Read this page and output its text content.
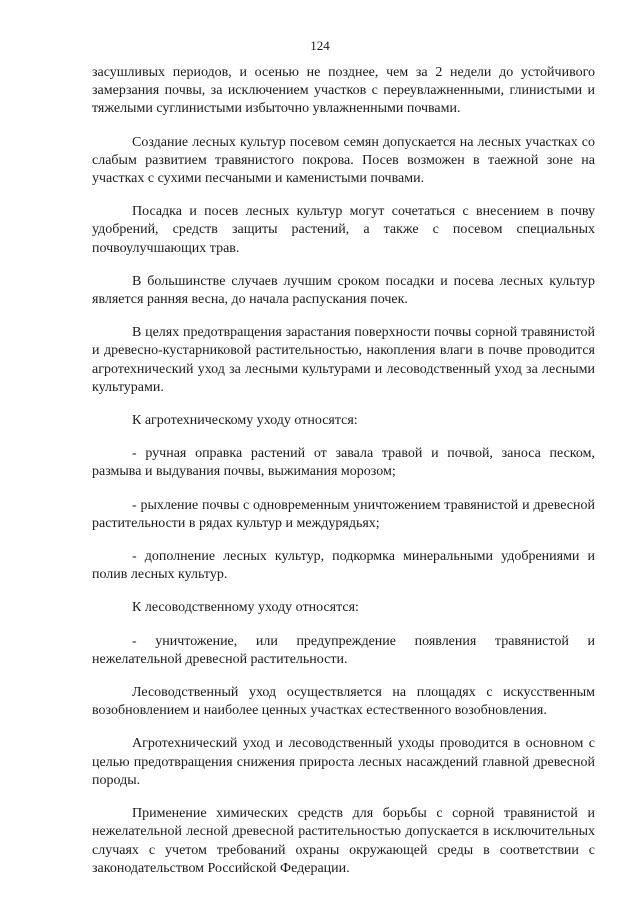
124

засушливых периодов, и осенью не позднее, чем за 2 недели до устойчивого замерзания почвы, за исключением участков с переувлажненными, глинистыми и тяжелыми суглинистыми избыточно увлажненными почвами.

Создание лесных культур посевом семян допускается на лесных участках со слабым развитием травянистого покрова. Посев возможен в таежной зоне на участках с сухими песчаными и каменистыми почвами.

Посадка и посев лесных культур могут сочетаться с внесением в почву удобрений, средств защиты растений, а также с посевом специальных почвоулучшающих трав.

В большинстве случаев лучшим сроком посадки и посева лесных культур является ранняя весна, до начала распускания почек.

В целях предотвращения зарастания поверхности почвы сорной травянистой и древесно-кустарниковой растительностью, накопления влаги в почве проводится агротехнический уход за лесными культурами и лесоводственный уход за лесными культурами.

К агротехническому уходу относятся:

- ручная оправка растений от завала травой и почвой, заноса песком, размыва и выдувания почвы, выжимания морозом;

- рыхление почвы с одновременным уничтожением травянистой и древесной растительности в рядах культур и междурядьях;

- дополнение лесных культур, подкормка минеральными удобрениями и полив лесных культур.

К лесоводственному уходу относятся:

- уничтожение, или предупреждение появления травянистой и нежелательной древесной растительности.

Лесоводственный уход осуществляется на площадях с искусственным возобновлением и наиболее ценных участках естественного возобновления.

Агротехнический уход и лесоводственный уходы проводится в основном с целью предотвращения снижения прироста лесных насаждений главной древесной породы.

Применение химических средств для борьбы с сорной травянистой и нежелательной лесной древесной растительностью допускается в исключительных случаях с учетом требований охраны окружающей среды в соответствии с законодательством Российской Федерации.
